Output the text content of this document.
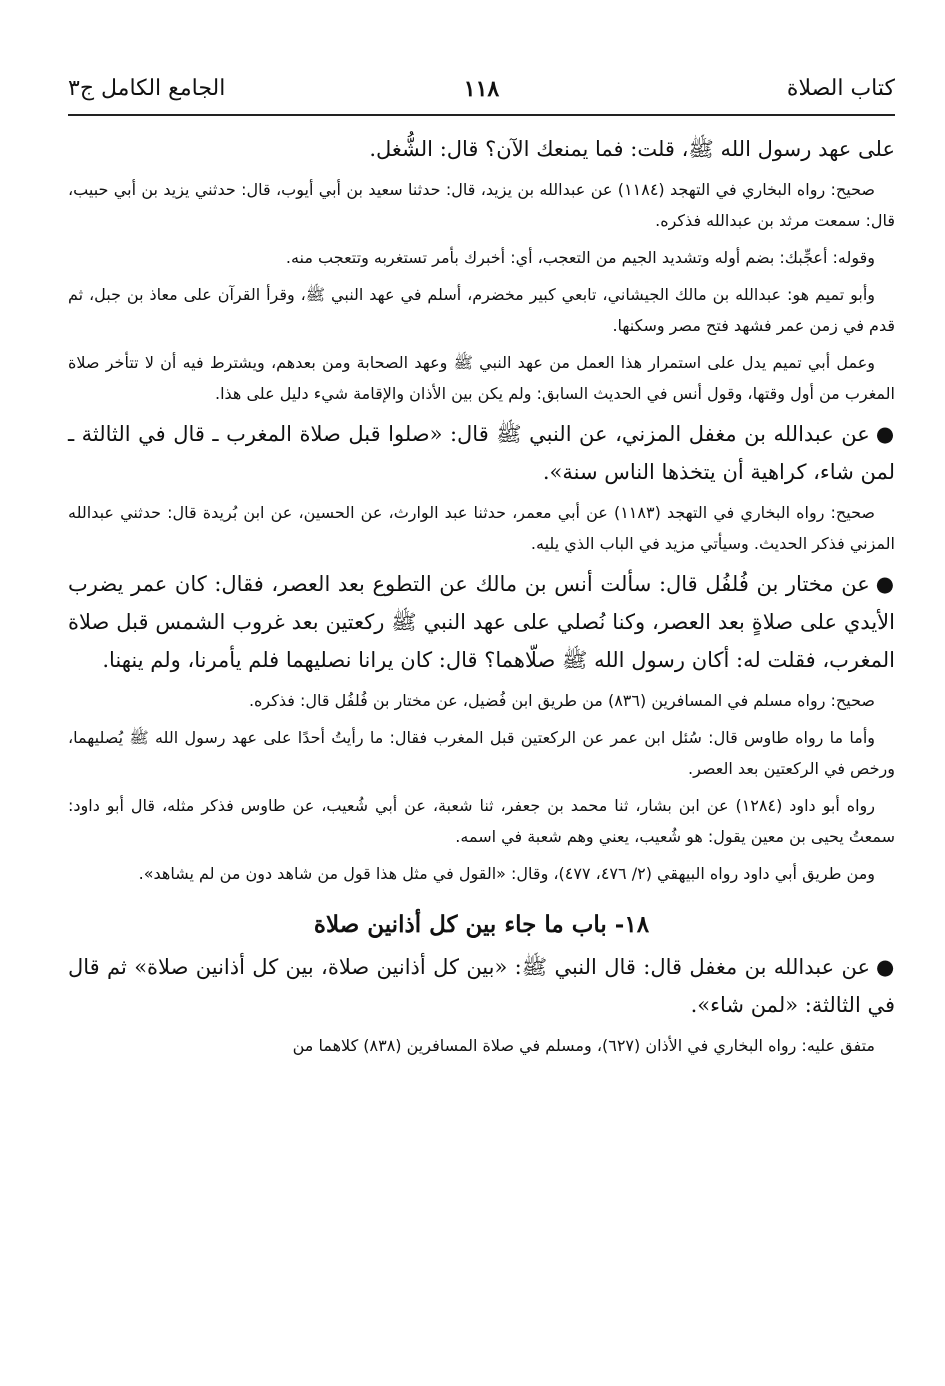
كتاب الصلاة
١١٨
الجامع الكامل ج٣

على عهد رسول الله ﷺ، قلت: فما يمنعك الآن؟ قال: الشُّغل.

صحيح: رواه البخاري في التهجد (١١٨٤) عن عبدالله بن يزيد، قال: حدثنا سعيد بن أبي أيوب، قال: حدثني يزيد بن أبي حبيب، قال: سمعت مرثد بن عبدالله فذكره.

وقوله: أعجِّبك: بضم أوله وتشديد الجيم من التعجب، أي: أخبرك بأمر تستغربه وتتعجب منه.

وأبو تميم هو: عبدالله بن مالك الجيشاني، تابعي كبير مخضرم، أسلم في عهد النبي ﷺ، وقرأ القرآن على معاذ بن جبل، ثم قدم في زمن عمر فشهد فتح مصر وسكنها.

وعمل أبي تميم يدل على استمرار هذا العمل من عهد النبي ﷺ وعهد الصحابة ومن بعدهم، ويشترط فيه أن لا تتأخر صلاة المغرب من أول وقتها، وقول أنس في الحديث السابق: ولم يكن بين الأذان والإقامة شيء دليل على هذا.

●عن عبدالله بن مغفل المزني، عن النبي ﷺ قال: «صلوا قبل صلاة المغرب ـ قال في الثالثة ـ لمن شاء، كراهية أن يتخذها الناس سنة».

صحيح: رواه البخاري في التهجد (١١٨٣) عن أبي معمر، حدثنا عبد الوارث، عن الحسين، عن ابن بُريدة قال: حدثني عبدالله المزني فذكر الحديث. وسيأتي مزيد في الباب الذي يليه.

●عن مختار بن فُلفُل قال: سألت أنس بن مالك عن التطوع بعد العصر، فقال: كان عمر يضرب الأيدي على صلاةٍ بعد العصر، وكنا نُصلي على عهد النبي ﷺ ركعتين بعد غروب الشمس قبل صلاة المغرب، فقلت له: أكان رسول الله ﷺ صلّاهما؟ قال: كان يرانا نصليهما فلم يأمرنا، ولم ينهنا.

صحيح: رواه مسلم في المسافرين (٨٣٦) من طريق ابن فُضيل، عن مختار بن فُلفُل قال: فذكره.

وأما ما رواه طاوس قال: سُئل ابن عمر عن الركعتين قبل المغرب فقال: ما رأيتُ أحدًا على عهد رسول الله ﷺ يُصليهما، ورخص في الركعتين بعد العصر.

رواه أبو داود (١٢٨٤) عن ابن بشار، ثنا محمد بن جعفر، ثنا شعبة، عن أبي شُعيب، عن طاوس فذكر مثله، قال أبو داود: سمعتُ يحيى بن معين يقول: هو شُعيب، يعني وهم شعبة في اسمه.

ومن طريق أبي داود رواه البيهقي (٢/ ٤٧٦، ٤٧٧)، وقال: «القول في مثل هذا قول من شاهد دون من لم يشاهد».

١٨- باب ما جاء بين كل أذانين صلاة

●عن عبدالله بن مغفل قال: قال النبي ﷺ: «بين كل أذانين صلاة، بين كل أذانين صلاة» ثم قال في الثالثة: «لمن شاء».

متفق عليه: رواه البخاري في الأذان (٦٢٧)، ومسلم في صلاة المسافرين (٨٣٨) كلاهما من
